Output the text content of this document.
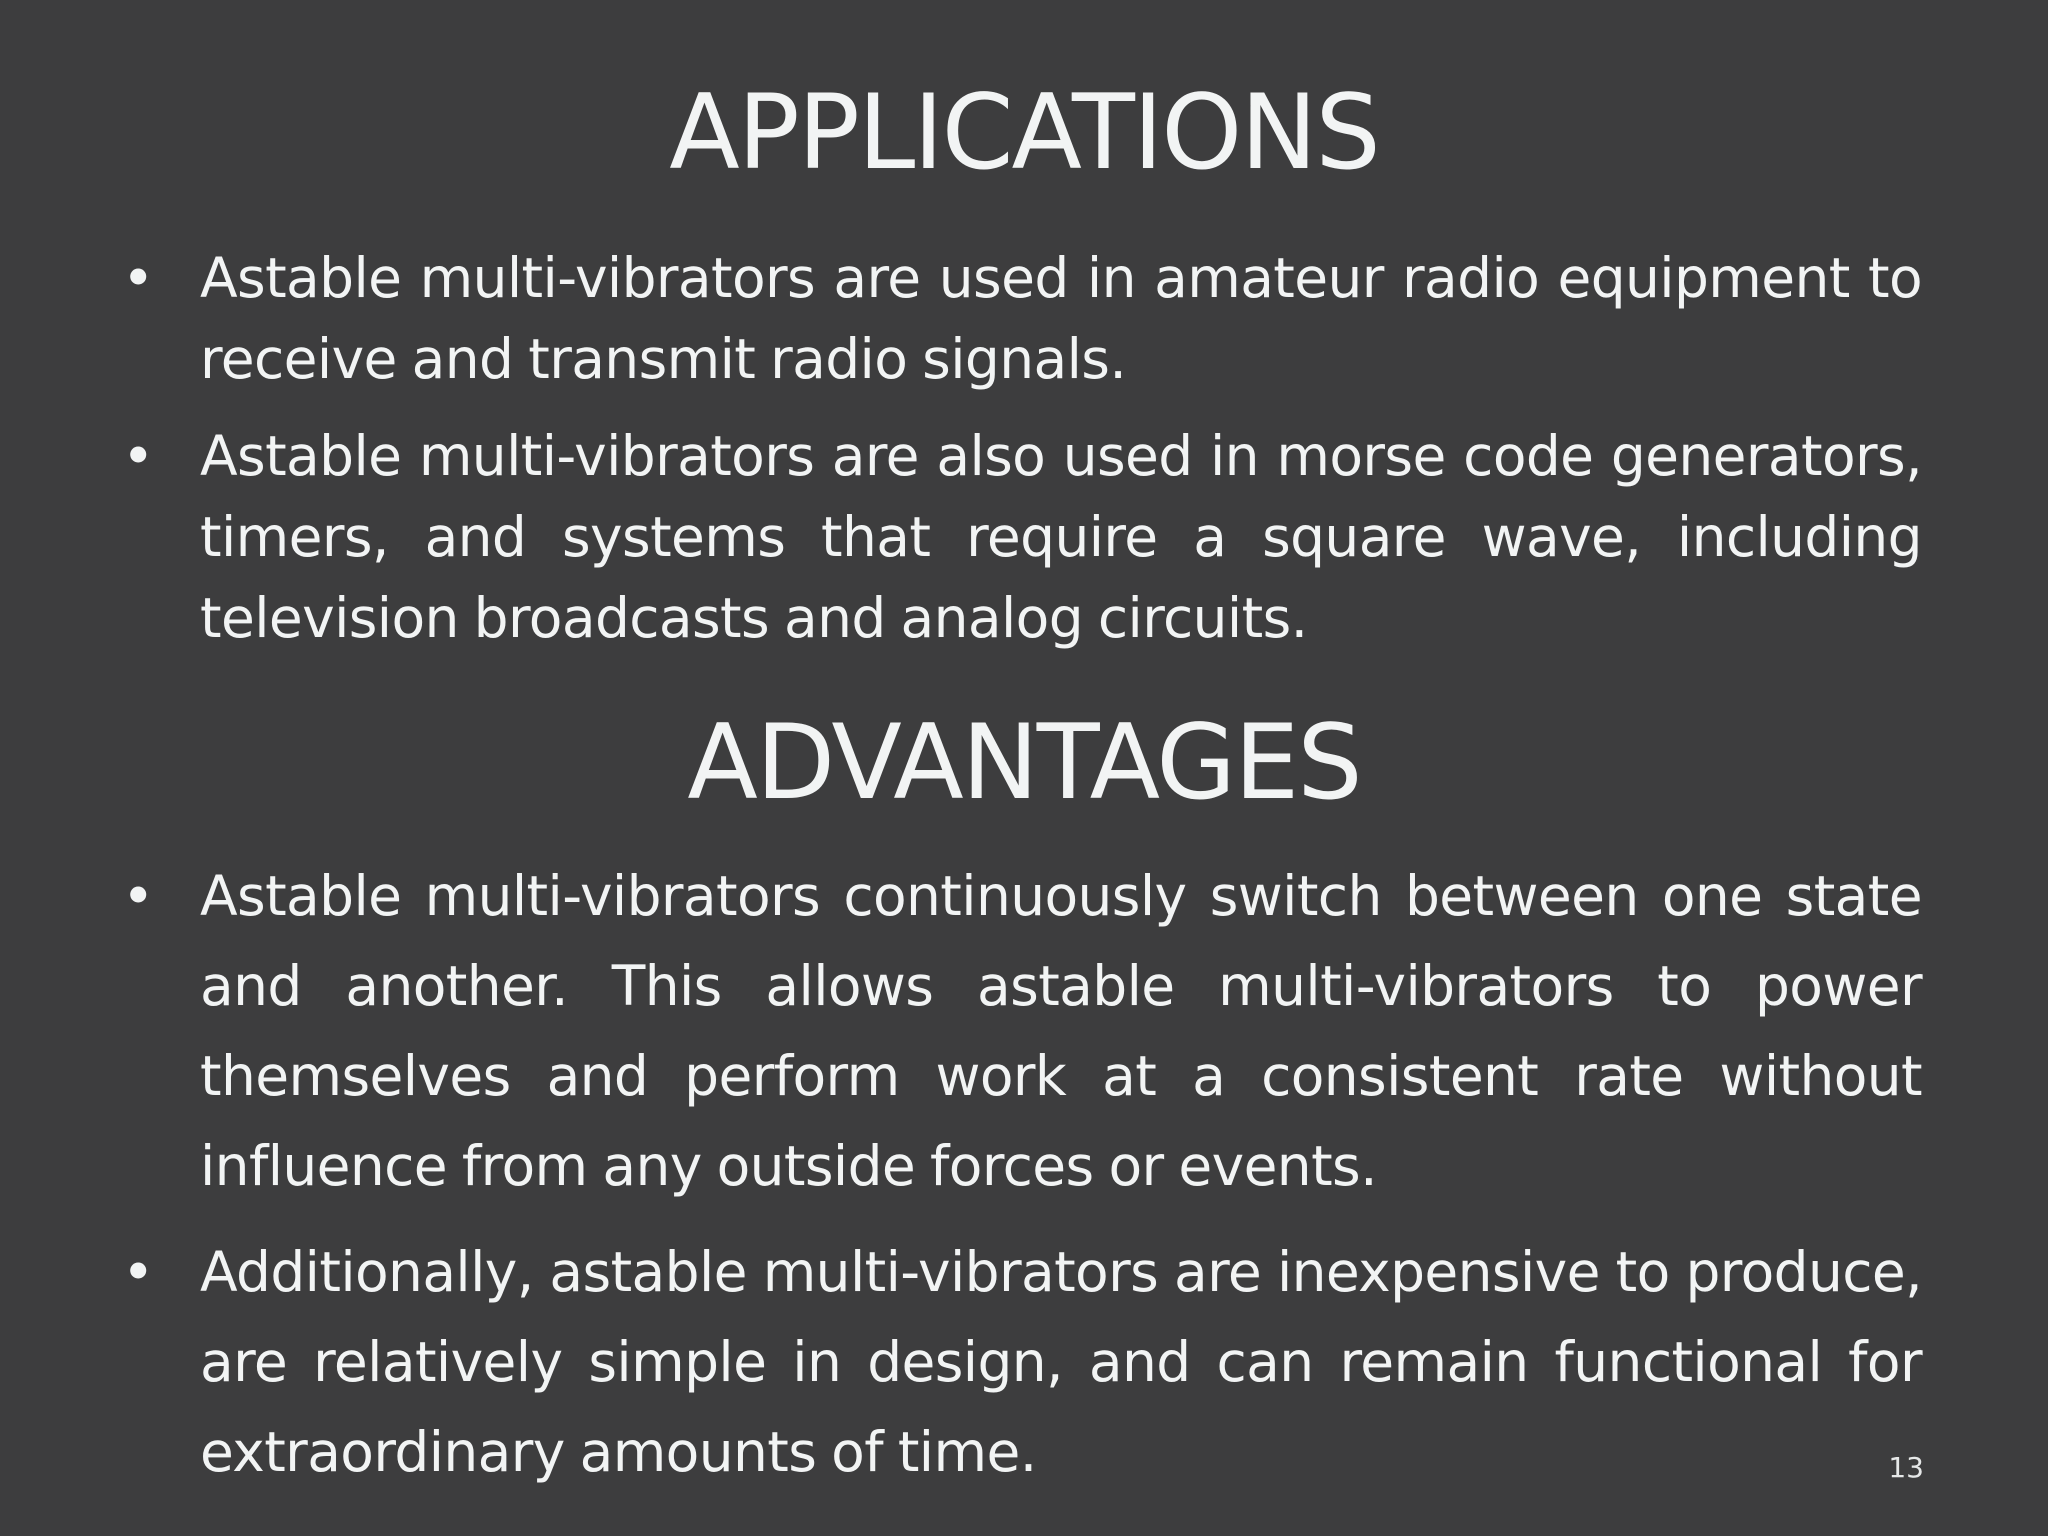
APPLICATIONS
• Astable multi-vibrators are used in amateur radio equipment to receive and transmit radio signals.
• Astable multi-vibrators are also used in morse code generators, timers, and systems that require a square wave, including television broadcasts and analog circuits.
ADVANTAGES
• Astable multi-vibrators continuously switch between one state and another. This allows astable multi-vibrators to power themselves and perform work at a consistent rate without influence from any outside forces or events.
• Additionally, astable multi-vibrators are inexpensive to produce, are relatively simple in design, and can remain functional for extraordinary amounts of time.	13
